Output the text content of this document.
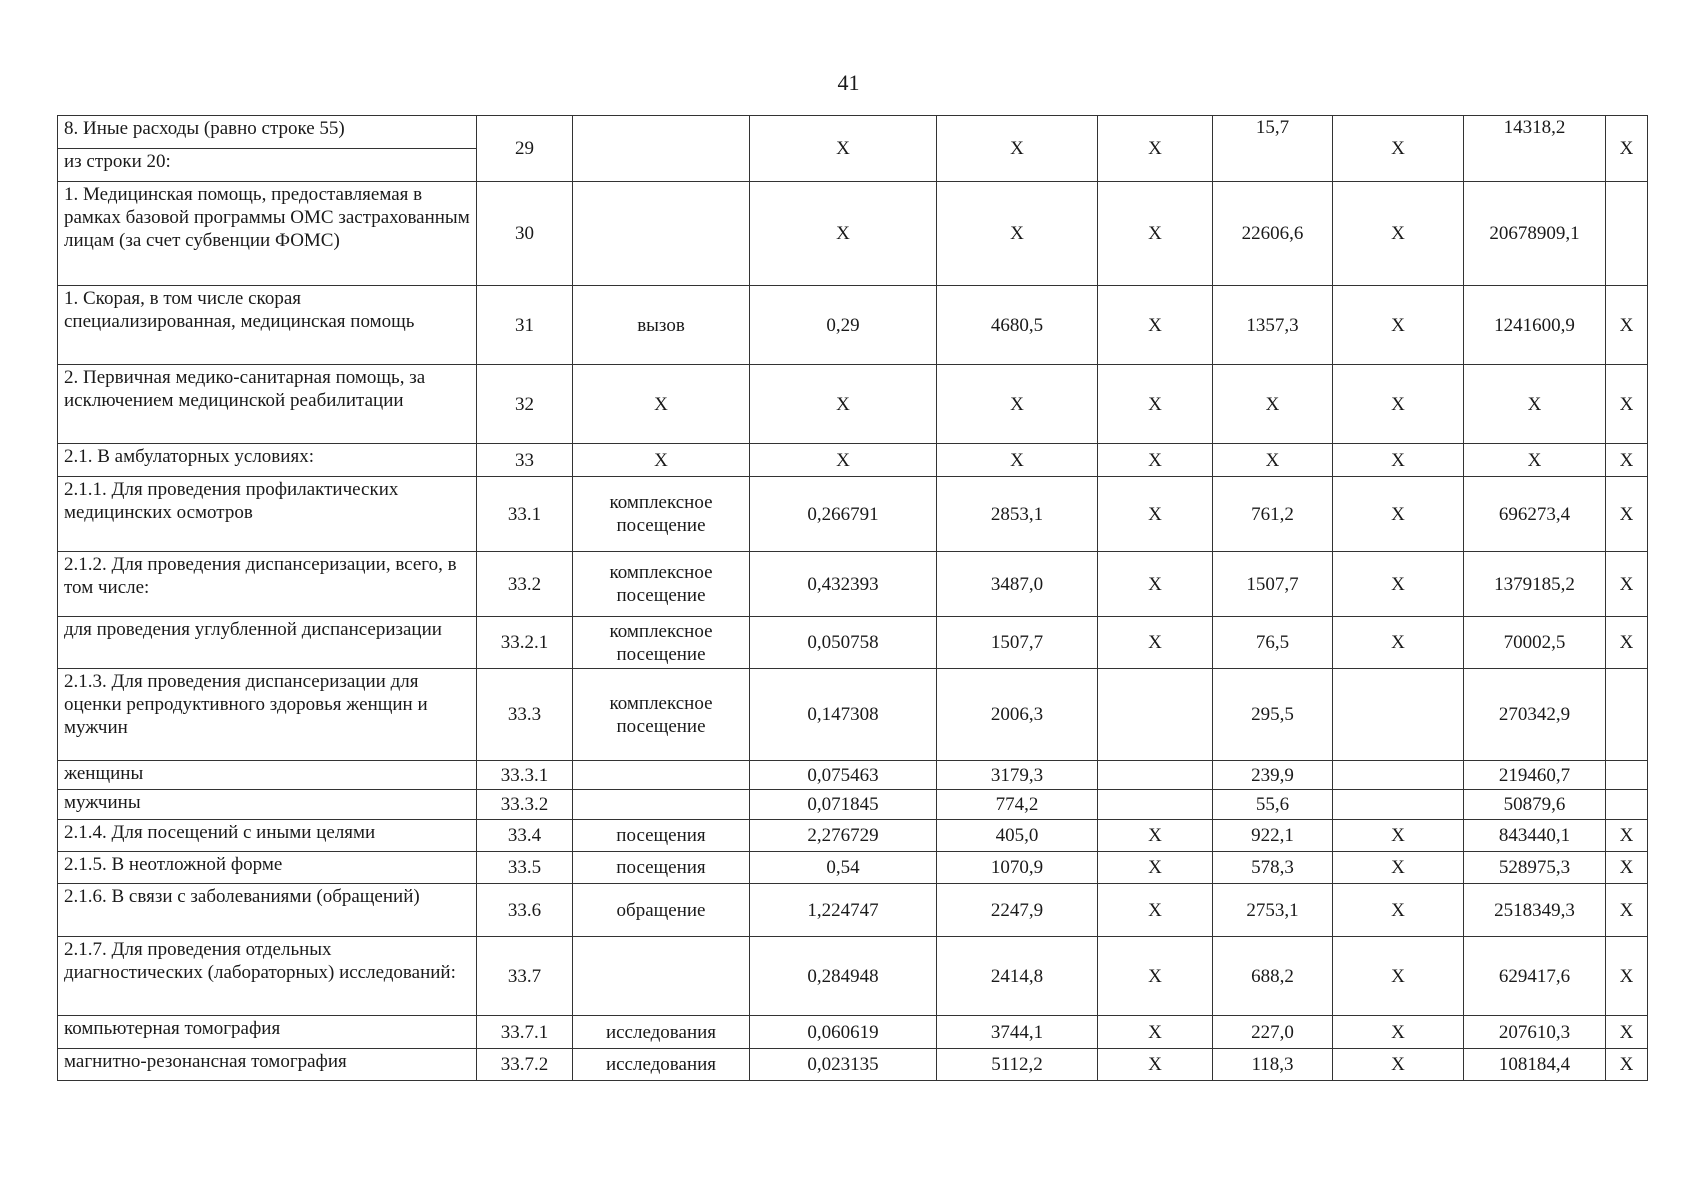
41
8. Иные расходы (равно строке 55)	29		X	X	X	15,7	X	14318,2	X
из строки 20:									
1. Медицинская помощь, предоставляемая в рамках базовой программы ОМС застрахованным лицам (за счет субвенции ФОМС)	30		X	X	X	22606,6	X	20678909,1	
1. Скорая, в том числе скорая специализированная, медицинская помощь	31	вызов	0,29	4680,5	X	1357,3	X	1241600,9	X
2. Первичная медико-санитарная помощь, за исключением медицинской реабилитации	32	X	X	X	X	X	X	X	X
2.1. В амбулаторных условиях:	33	X	X	X	X	X	X	X	X
2.1.1. Для проведения профилактических медицинских осмотров	33.1	комплексное посещение	0,266791	2853,1	X	761,2	X	696273,4	X
2.1.2. Для проведения диспансеризации, всего, в том числе:	33.2	комплексное посещение	0,432393	3487,0	X	1507,7	X	1379185,2	X
для проведения углубленной диспансеризации	33.2.1	комплексное посещение	0,050758	1507,7	X	76,5	X	70002,5	X
2.1.3. Для проведения диспансеризации для оценки репродуктивного здоровья женщин и мужчин	33.3	комплексное посещение	0,147308	2006,3		295,5		270342,9	
женщины	33.3.1		0,075463	3179,3		239,9		219460,7	
мужчины	33.3.2		0,071845	774,2		55,6		50879,6	
2.1.4. Для посещений с иными целями	33.4	посещения	2,276729	405,0	X	922,1	X	843440,1	X
2.1.5. В неотложной форме	33.5	посещения	0,54	1070,9	X	578,3	X	528975,3	X
2.1.6. В связи с заболеваниями (обращений)	33.6	обращение	1,224747	2247,9	X	2753,1	X	2518349,3	X
2.1.7. Для проведения отдельных диагностических (лабораторных) исследований:	33.7		0,284948	2414,8	X	688,2	X	629417,6	X
компьютерная томография	33.7.1	исследования	0,060619	3744,1	X	227,0	X	207610,3	X
магнитно-резонансная томография	33.7.2	исследования	0,023135	5112,2	X	118,3	X	108184,4	X
